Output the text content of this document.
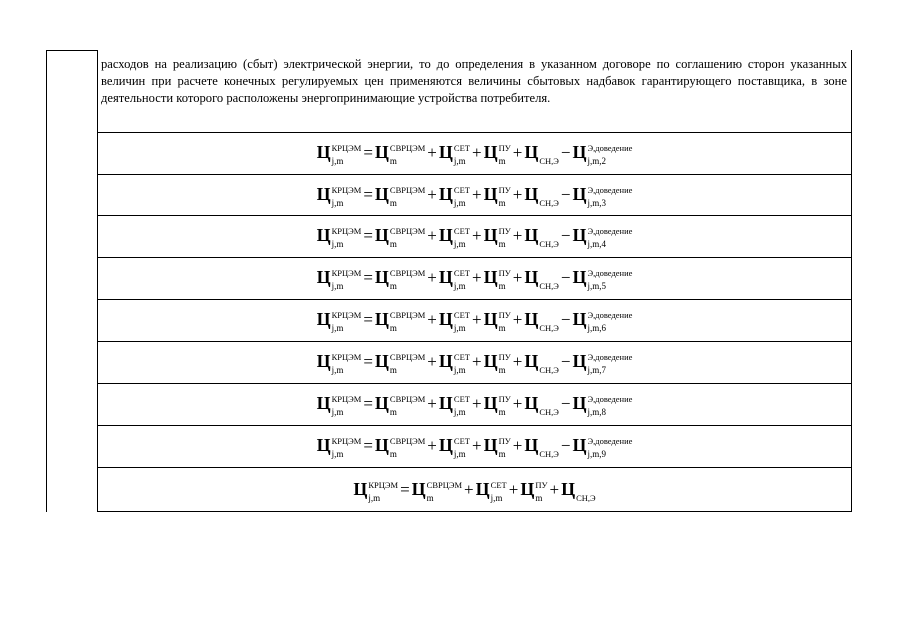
расходов на реализацию (сбыт) электрической энергии, то до определения в указанном договоре по соглашению сторон указанных величин при расчете конечных регулируемых цен применяются величины сбытовых надбавок гарантирующего поставщика, в зоне деятельности которого расположены энергопринимающие устройства потребителя.
Ц КРЦЭМ
j,m	= Ц СВРЦЭМ
m	+ Ц СЕТ
j,m + Ц ПУ
m + Ц СН,Э − Ц Э,доведение
j,m,2
Ц КРЦЭМ
j,m	= Ц СВРЦЭМ
m	+ Ц СЕТ
j,m + Ц ПУ
m + Ц СН,Э − Ц Э,доведение
j,m,3
Ц КРЦЭМ
j,m	= Ц СВРЦЭМ
m	+ Ц СЕТ
j,m + Ц ПУ
m + Ц СН,Э − Ц Э,доведение
j,m,4
Ц КРЦЭМ
j,m	= Ц СВРЦЭМ
m	+ Ц СЕТ
j,m + Ц ПУ
m + Ц СН,Э − Ц Э,доведение
j,m,5
Ц КРЦЭМ
j,m	= Ц СВРЦЭМ
m	+ Ц СЕТ
j,m + Ц ПУ
m + Ц СН,Э − Ц Э,доведение
j,m,6
Ц КРЦЭМ
j,m	= Ц СВРЦЭМ
m	+ Ц СЕТ
j,m + Ц ПУ
m + Ц СН,Э − Ц Э,доведение
j,m,7
Ц КРЦЭМ
j,m	= Ц СВРЦЭМ
m	+ Ц СЕТ
j,m + Ц ПУ
m + Ц СН,Э − Ц Э,доведение
j,m,8
Ц КРЦЭМ
j,m	= Ц СВРЦЭМ
m	+ Ц СЕТ
j,m + Ц ПУ
m + Ц СН,Э − Ц Э,доведение
j,m,9
Ц КРЦЭМ
j,m	= Ц СВРЦЭМ
m	+ Ц СЕТ
j,m + Ц ПУ
m + Ц СН,Э
